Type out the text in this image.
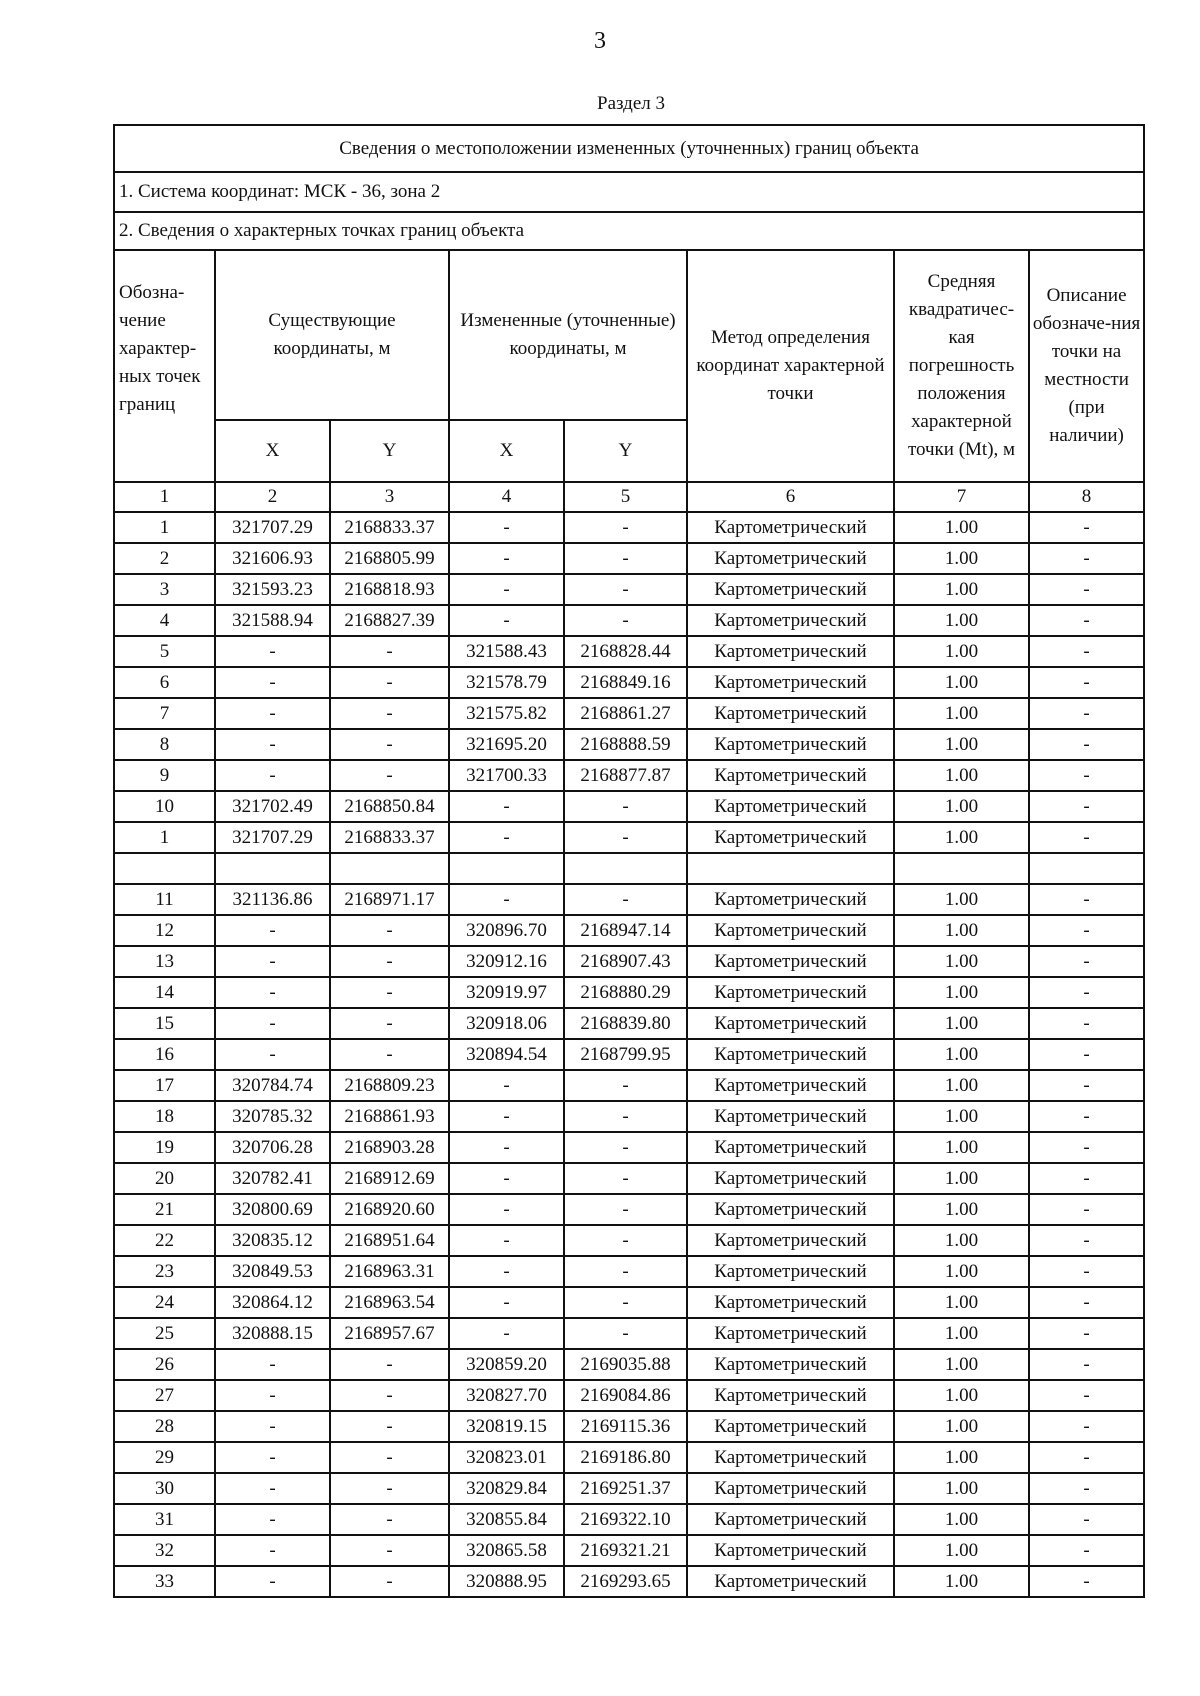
3
Раздел 3
Сведения о местоположении измененных (уточненных) границ объекта							
1. Система координат: МСК - 36, зона 2							
2. Сведения о характерных точках границ объекта							
Обозна-чение характер-ных точек границ	Существующие координаты, м		Измененные (уточненные) координаты, м		Метод определения координат характерной точки	Средняя квадратичес-кая погрешность положения характерной точки (Mt), м	Описание обозначе-ния точки на местности (при наличии)
	X	Y	X	Y			
1	2	3	4	5	6	7	8
1	321707.29	2168833.37	-	-	Картометрический	1.00	-
2	321606.93	2168805.99	-	-	Картометрический	1.00	-
3	321593.23	2168818.93	-	-	Картометрический	1.00	-
4	321588.94	2168827.39	-	-	Картометрический	1.00	-
5	-	-	321588.43	2168828.44	Картометрический	1.00	-
6	-	-	321578.79	2168849.16	Картометрический	1.00	-
7	-	-	321575.82	2168861.27	Картометрический	1.00	-
8	-	-	321695.20	2168888.59	Картометрический	1.00	-
9	-	-	321700.33	2168877.87	Картометрический	1.00	-
10	321702.49	2168850.84	-	-	Картометрический	1.00	-
1	321707.29	2168833.37	-	-	Картометрический	1.00	-

11	321136.86	2168971.17	-	-	Картометрический	1.00	-
12	-	-	320896.70	2168947.14	Картометрический	1.00	-
13	-	-	320912.16	2168907.43	Картометрический	1.00	-
14	-	-	320919.97	2168880.29	Картометрический	1.00	-
15	-	-	320918.06	2168839.80	Картометрический	1.00	-
16	-	-	320894.54	2168799.95	Картометрический	1.00	-
17	320784.74	2168809.23	-	-	Картометрический	1.00	-
18	320785.32	2168861.93	-	-	Картометрический	1.00	-
19	320706.28	2168903.28	-	-	Картометрический	1.00	-
20	320782.41	2168912.69	-	-	Картометрический	1.00	-
21	320800.69	2168920.60	-	-	Картометрический	1.00	-
22	320835.12	2168951.64	-	-	Картометрический	1.00	-
23	320849.53	2168963.31	-	-	Картометрический	1.00	-
24	320864.12	2168963.54	-	-	Картометрический	1.00	-
25	320888.15	2168957.67	-	-	Картометрический	1.00	-
26	-	-	320859.20	2169035.88	Картометрический	1.00	-
27	-	-	320827.70	2169084.86	Картометрический	1.00	-
28	-	-	320819.15	2169115.36	Картометрический	1.00	-
29	-	-	320823.01	2169186.80	Картометрический	1.00	-
30	-	-	320829.84	2169251.37	Картометрический	1.00	-
31	-	-	320855.84	2169322.10	Картометрический	1.00	-
32	-	-	320865.58	2169321.21	Картометрический	1.00	-
33	-	-	320888.95	2169293.65	Картометрический	1.00	-
